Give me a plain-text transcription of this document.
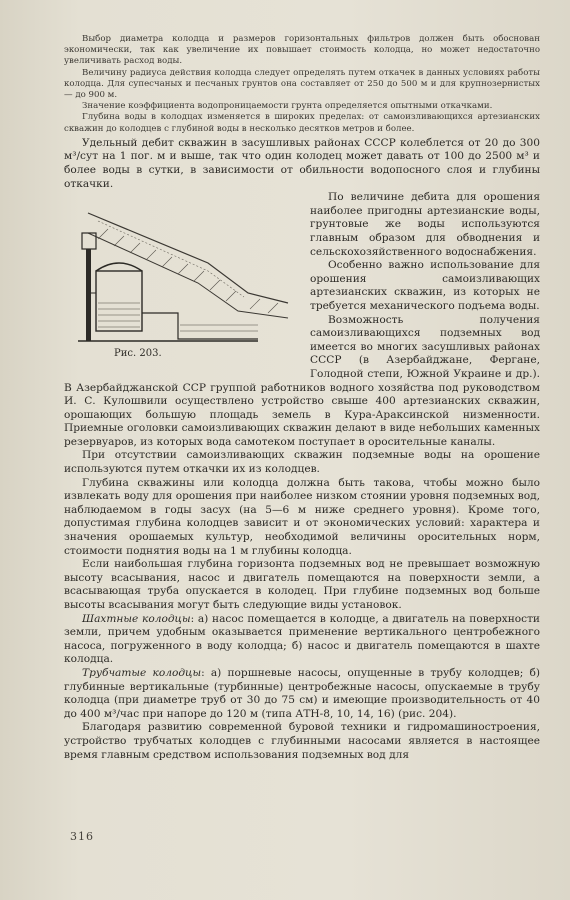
Выбор диаметра колодца и размеров горизонтальных фильтров должен быть обоснован экономически, так как увеличение их повышает стоимость колодца, но может недостаточно увеличивать расход воды.

Величину радиуса действия колодца следует определять путем откачек в данных условиях работы колодца. Для супесчаных и песчаных грунтов она составляет от 250 до 500 м и для крупнозернистых — до 900 м.

Значение коэффициента водопроницаемости грунта определяется опытными откачками.

Глубина воды в колодцах изменяется в широких пределах: от самоизливающихся артезианских скважин до колодцев с глубиной воды в несколько десятков метров и более.

Удельный дебит скважин в засушливых районах СССР колеблется от 20 до 300 м³/сут на 1 пог. м и выше, так что один колодец может давать от 100 до 2500 м³ и более воды в сутки, в зависимости от обильности водопосного слоя и глубины откачки.

Рис. 203.

По величине дебита для орошения наиболее пригодны артезианские воды, грунтовые же воды используются главным образом для обводнения и сельскохозяйственного водоснабжения.

Особенно важно использование для орошения самоизливающих артезианских скважин, из которых не требуется механического подъема воды.

Возможность получения самоизливающихся подземных вод имеется во многих засушливых районах СССР (в Азербайджане, Фергане, Голодной степи, Южной Украине и др.). В Азербайджанской ССР группой работников водного хозяйства под руководством И. С. Кулошвили осуществлено устройство свыше 400 артезианских скважин, орошающих большую площадь земель в Кура-Араксинской низменности. Приемные оголовки самоизливающих скважин делают в виде небольших каменных резервуаров, из которых вода самотеком поступает в оросительные каналы.

При отсутствии самоизливающих скважин подземные воды на орошение используются путем откачки их из колодцев.

Глубина скважины или колодца должна быть такова, чтобы можно было извлекать воду для орошения при наиболее низком стоянии уровня подземных вод, наблюдаемом в годы засух (на 5—6 м ниже среднего уровня). Кроме того, допустимая глубина колодцев зависит и от экономических условий: характера и значения орошаемых культур, необходимой величины оросительных норм, стоимости поднятия воды на 1 м глубины колодца.

Если наибольшая глубина горизонта подземных вод не превышает возможную высоту всасывания, насос и двигатель помещаются на поверхности земли, а всасывающая труба опускается в колодец. При глубине подземных вод больше высоты всасывания могут быть следующие виды установок.

Шахтные колодцы: а) насос помещается в колодце, а двигатель на поверхности земли, причем удобным оказывается применение вертикального центробежного насоса, погруженного в воду колодца; б) насос и двигатель помещаются в шахте колодца.

Трубчатые колодцы: а) поршневые насосы, опущенные в трубу колодцев; б) глубинные вертикальные (турбинные) центробежные насосы, опускаемые в трубу колодца (при диаметре труб от 30 до 75 см) и имеющие производительность от 40 до 400 м³/час при напоре до 120 м (типа АТН-8, 10, 14, 16) (рис. 204).

Благодаря развитию современной буровой техники и гидромашиностроения, устройство трубчатых колодцев с глубинными насосами является в настоящее время главным средством использования подземных вод для

316
